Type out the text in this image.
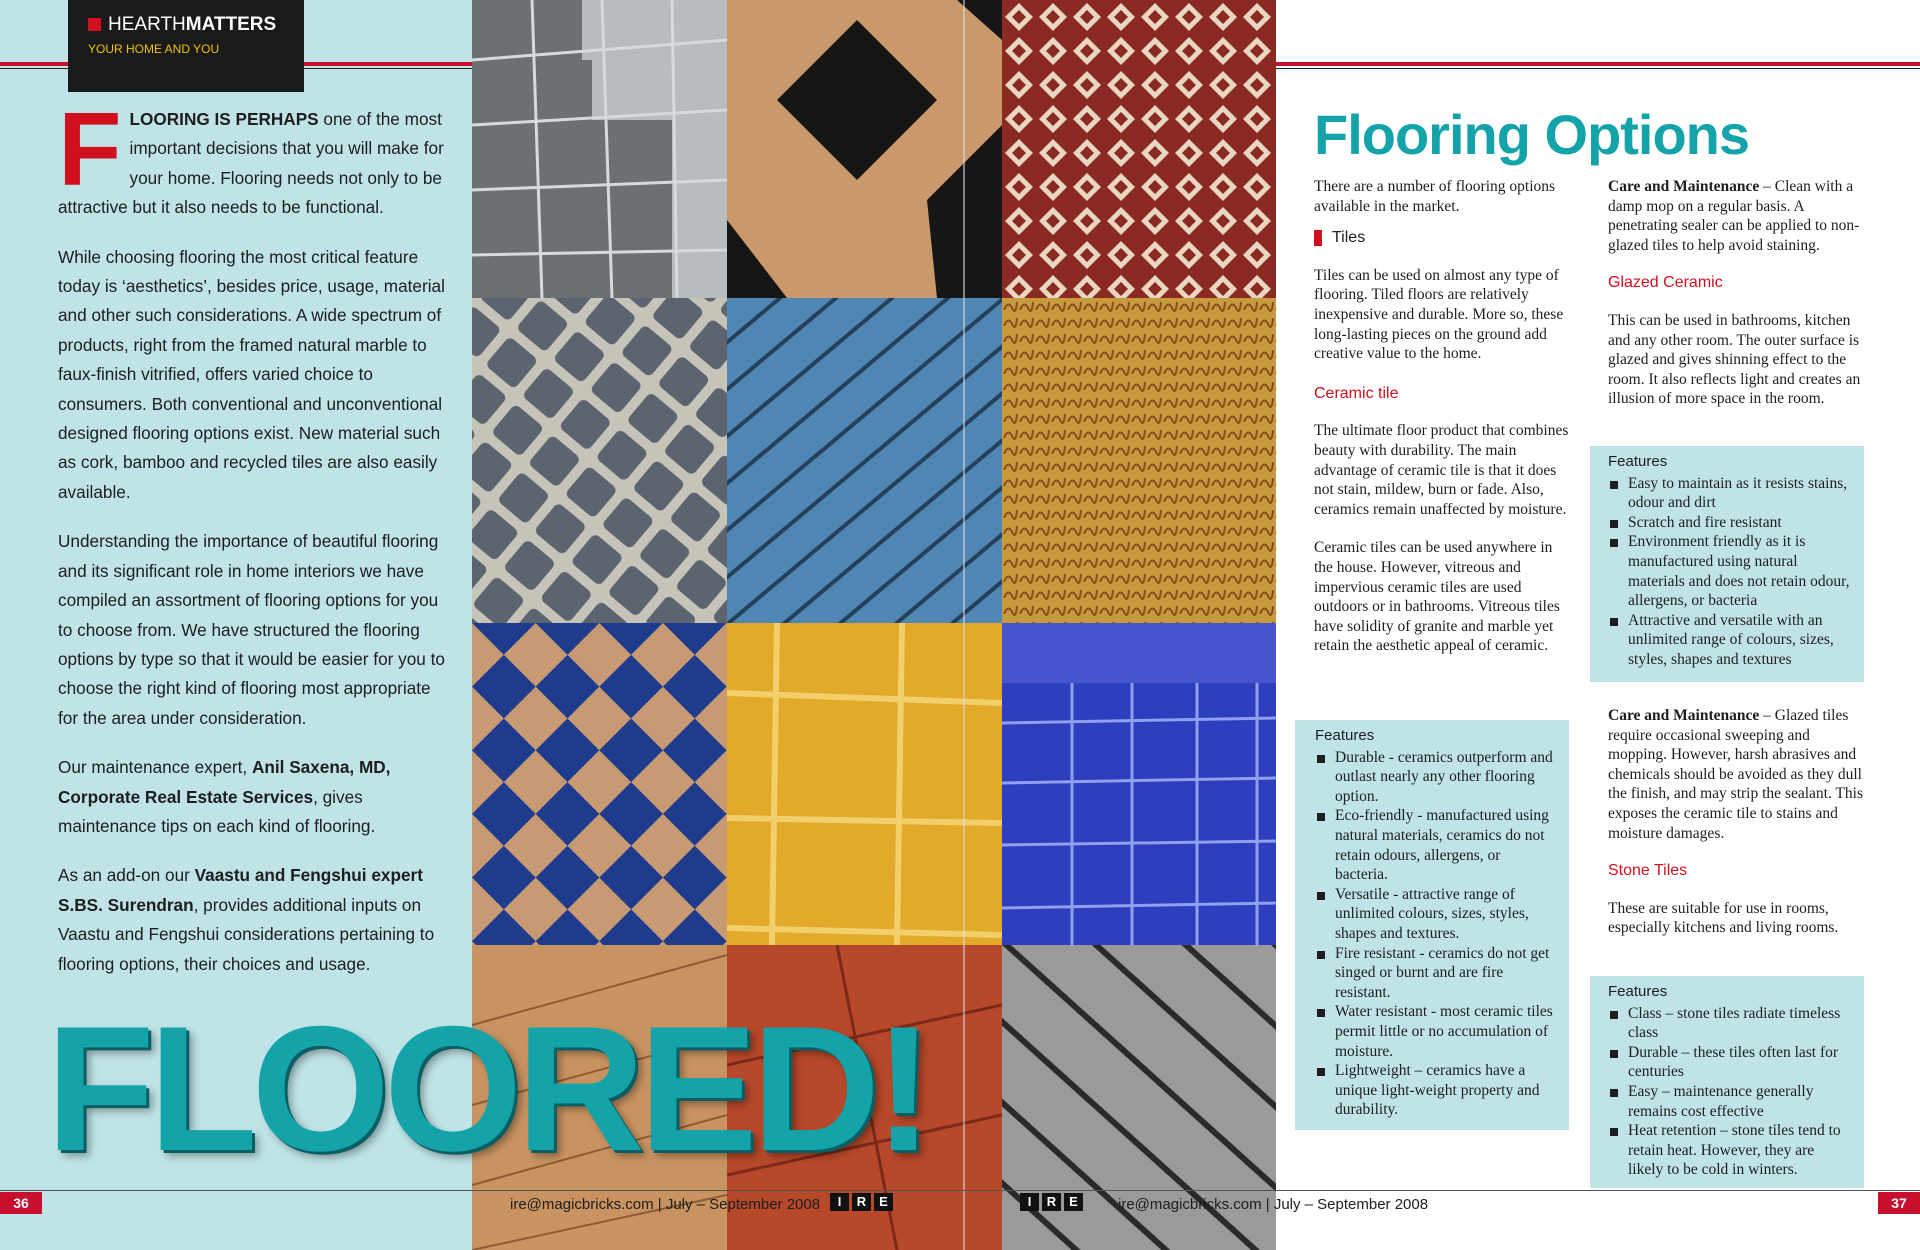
HEARTHMATTERS
YOUR HOME AND YOU

FLOORING IS PERHAPS one of the most important decisions that you will make for your home. Flooring needs not only to be attractive but it also needs to be functional.

While choosing flooring the most critical feature today is ‘aesthetics’, besides price, usage, material and other such considerations. A wide spectrum of products, right from the framed natural marble to faux-finish vitrified, offers varied choice to consumers. Both conventional and unconventional designed flooring options exist. New material such as cork, bamboo and recycled tiles are also easily available.

Understanding the importance of beautiful flooring and its significant role in home interiors we have compiled an assortment of flooring options for you to choose from. We have structured the flooring options by type so that it would be easier for you to choose the right kind of flooring most appropriate for the area under consideration.

Our maintenance expert, Anil Saxena, MD, Corporate Real Estate Services, gives maintenance tips on each kind of flooring.

As an add-on our Vaastu and Fengshui expert S.BS. Surendran, provides additional inputs on Vaastu and Fengshui considerations pertaining to flooring options, their choices and usage.

FLOORED!
Flooring Options

There are a number of flooring options available in the market.

Tiles

Tiles can be used on almost any type of flooring. Tiled floors are relatively inexpensive and durable. More so, these long-lasting pieces on the ground add creative value to the home.

Ceramic tile

The ultimate floor product that combines beauty with durability. The main advantage of ceramic tile is that it does not stain, mildew, burn or fade. Also, ceramics remain unaffected by moisture.

Ceramic tiles can be used anywhere in the house. However, vitreous and impervious ceramic tiles are used outdoors or in bathrooms. Vitreous tiles have solidity of granite and marble yet retain the aesthetic appeal of ceramic.

Features

Durable - ceramics outperform and outlast nearly any other flooring option.
Eco-friendly - manufactured using natural materials, ceramics do not retain odours, allergens, or bacteria.
Versatile - attractive range of unlimited colours, sizes, styles, shapes and textures.
Fire resistant - ceramics do not get singed or burnt and are fire resistant.
Water resistant - most ceramic tiles permit little or no accumulation of moisture.
Lightweight – ceramics have a unique light-weight property and durability.

Care and Maintenance – Clean with a damp mop on a regular basis. A penetrating sealer can be applied to non-glazed tiles to help avoid staining.

Glazed Ceramic

This can be used in bathrooms, kitchen and any other room. The outer surface is glazed and gives shinning effect to the room. It also reflects light and creates an illusion of more space in the room.

Features

Easy to maintain as it resists stains, odour and dirt
Scratch and fire resistant
Environment friendly as it is manufactured using natural materials and does not retain odour, allergens, or bacteria
Attractive and versatile with an unlimited range of colours, sizes, styles, shapes and textures

Care and Maintenance – Glazed tiles require occasional sweeping and mopping. However, harsh abrasives and chemicals should be avoided as they dull the finish, and may strip the sealant. This exposes the ceramic tile to stains and moisture damages.

Stone Tiles

These are suitable for use in rooms, especially kitchens and living rooms.

Features

Class – stone tiles radiate timeless class
Durable – these tiles often last for centuries
Easy – maintenance generally remains cost effective
Heat retention – stone tiles tend to retain heat. However, they are likely to be cold in winters.
36	37
ire@magicbricks.com | July – September 2008	I	R E	I	R E	ire@magicbricks.com | July – September 2008
